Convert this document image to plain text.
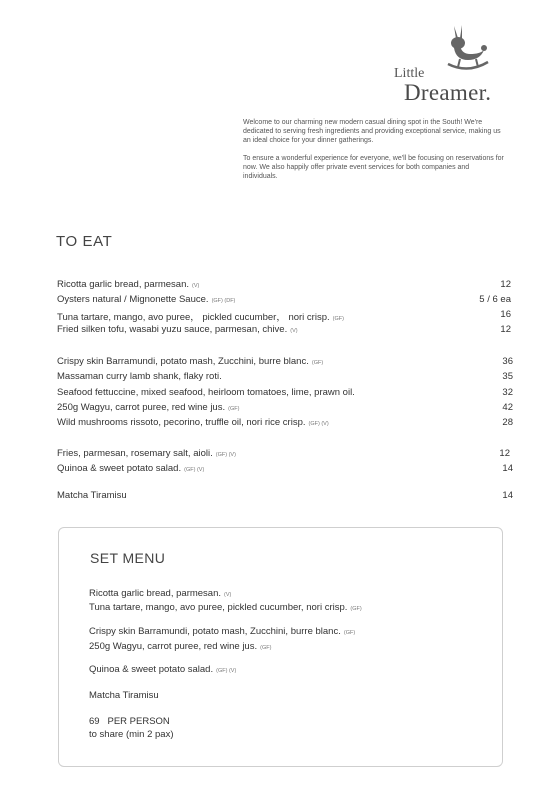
Little
Dreamer.

Welcome to our charming new modern casual dining spot in the South! We're dedicated to serving fresh ingredients and providing exceptional service, making us an ideal choice for your dinner gatherings.

To ensure a wonderful experience for everyone, we'll be focusing on reservations for now. We also happily offer private event services for both companies and individuals.

TO EAT
Ricotta garlic bread, parmesan. (V)	12
Oysters natural / Mignonette Sauce. (GF) (DF)	5 / 6 ea
Tuna tartare, mango, avo puree， pickled cucumber， nori crisp. (GF)	16
Fried silken tofu, wasabi yuzu sauce, parmesan, chive. (V)	12
Crispy skin Barramundi, potato mash, Zucchini, burre blanc. (GF)	36
Massaman curry lamb shank, flaky roti.	35
Seafood fettuccine, mixed seafood, heirloom tomatoes, lime, prawn oil.	32
250g Wagyu, carrot puree, red wine jus. (GF)	42
Wild mushrooms rissoto, pecorino, truffle oil, nori rice crisp. (GF) (V)	28
Fries, parmesan, rosemary salt, aioli. (GF) (V)	12
Quinoa & sweet potato salad. (GF) (V)	14
Matcha Tiramisu	14
SET MENU
Ricotta garlic bread, parmesan. (V)
Tuna tartare, mango, avo puree, pickled cucumber, nori crisp. (GF)
Crispy skin Barramundi, potato mash, Zucchini, burre blanc. (GF)
250g Wagyu, carrot puree, red wine jus. (GF)
Quinoa & sweet potato salad. (GF) (V)
Matcha Tiramisu
69   PER PERSON
to share (min 2 pax)
